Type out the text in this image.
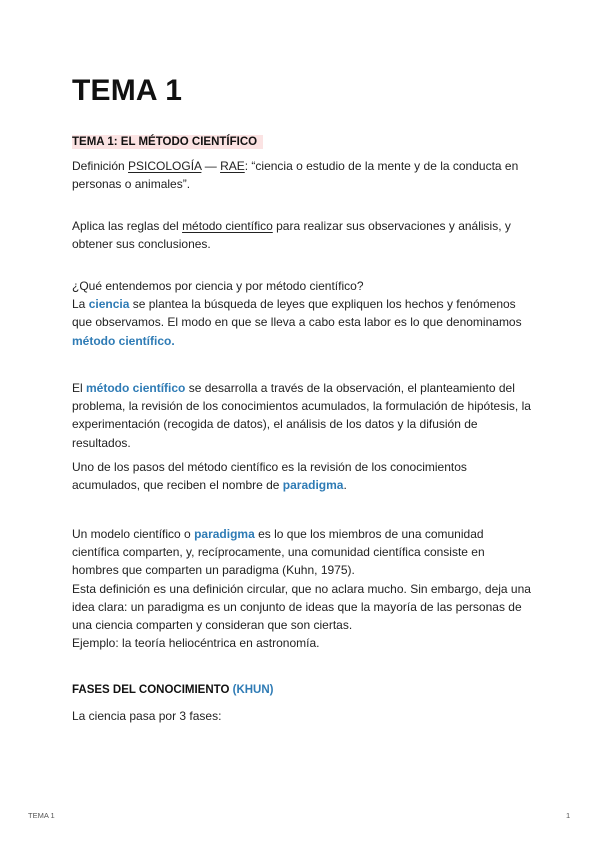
TEMA 1
TEMA 1: EL MÉTODO CIENTÍFICO
Definición PSICOLOGÍA — RAE: “ciencia o estudio de la mente y de la conducta en personas o animales”.
Aplica las reglas del método científico para realizar sus observaciones y análisis, y obtener sus conclusiones.
¿Qué entendemos por ciencia y por método científico?
La ciencia se plantea la búsqueda de leyes que expliquen los hechos y fenómenos que observamos. El modo en que se lleva a cabo esta labor es lo que denominamos método científico.
El método científico se desarrolla a través de la observación, el planteamiento del problema, la revisión de los conocimientos acumulados, la formulación de hipótesis, la experimentación (recogida de datos), el análisis de los datos y la difusión de resultados.
Uno de los pasos del método científico es la revisión de los conocimientos acumulados, que reciben el nombre de paradigma.
Un modelo científico o paradigma es lo que los miembros de una comunidad científica comparten, y, recíprocamente, una comunidad científica consiste en hombres que comparten un paradigma (Kuhn, 1975).
Esta definición es una definición circular, que no aclara mucho. Sin embargo, deja una idea clara: un paradigma es un conjunto de ideas que la mayoría de las personas de una ciencia comparten y consideran que son ciertas.
Ejemplo: la teoría heliocéntrica en astronomía.
FASES DEL CONOCIMIENTO (KHUN)
La ciencia pasa por 3 fases:
TEMA 1	1
